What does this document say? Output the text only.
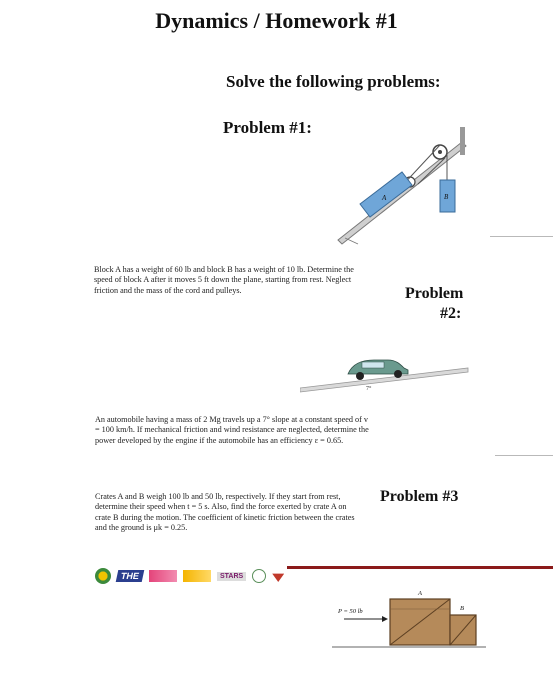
Dynamics / Homework #1
Solve the following problems:
Problem #1:
A	B
Block A has a weight of 60 lb and block B has a weight of 10 lb. Determine the speed of block A after it moves 5 ft down the plane, starting from rest. Neglect friction and the mass of the cord and pulleys.	Problem
#2:
7°
An automobile having a mass of 2 Mg travels up a 7° slope at a constant speed of v = 100 km/h. If mechanical friction and wind resistance are neglected, determine the power developed by the engine if the automobile has an efficiency ε = 0.65.
Problem #3
Crates A and B weigh 100 lb and 50 lb, respectively. If they start from rest, determine their speed when t = 5 s. Also, find the force exerted by crate A on crate B during the motion. The coefficient of kinetic friction between the crates and the ground is μk = 0.25.
THE	STARS
P = 50 lb
A
B
